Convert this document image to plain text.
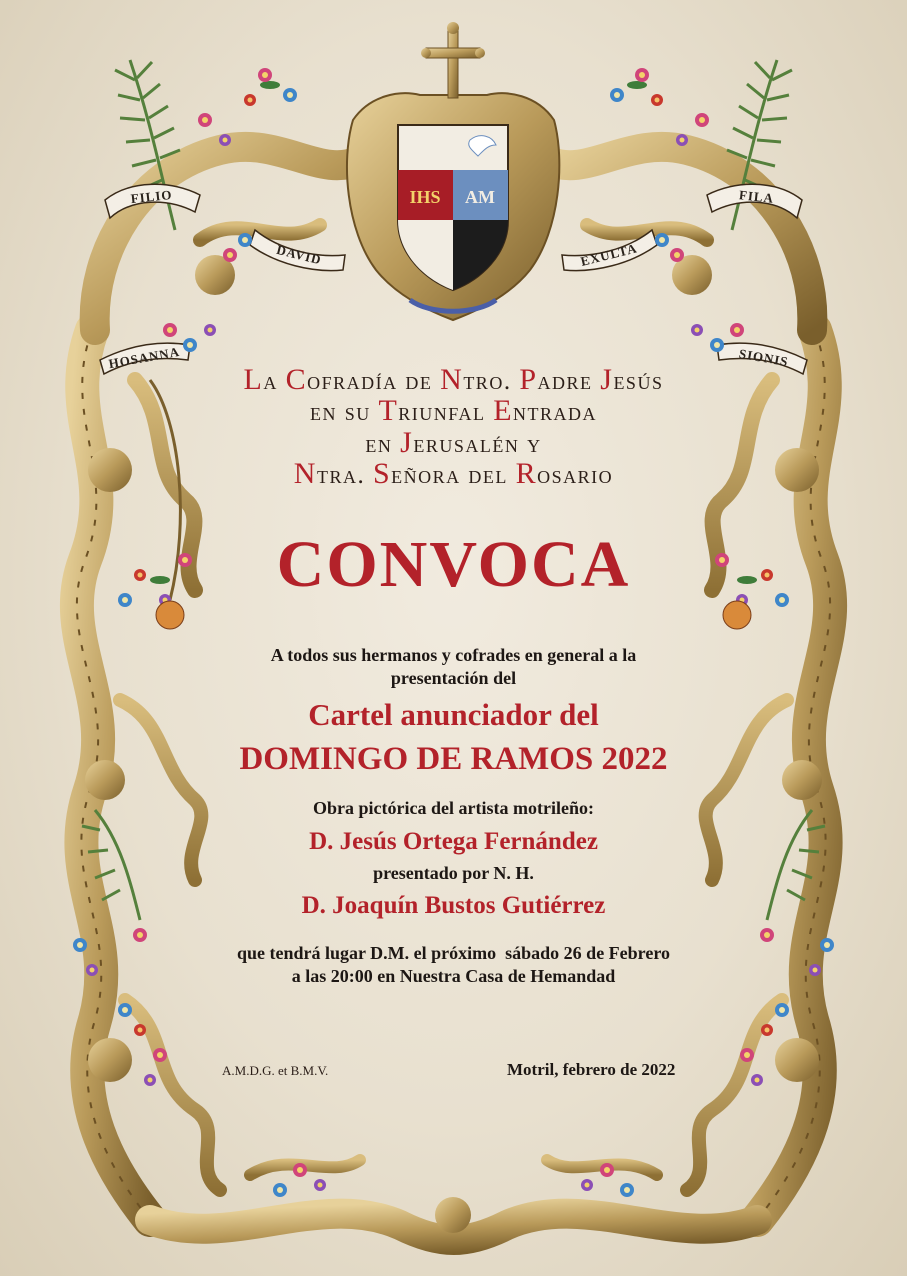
IHS AM
FILIO
DAVID	EXULTA
FILA
HOSANNA	SIONIS
La Cofradía de Ntro. Padre Jesús
en su Triunfal Entrada
en Jerusalén y
Ntra. Señora del Rosario
CONVOCA
A todos sus hermanos y cofrades en general a la
presentación del
Cartel anunciador del
DOMINGO DE RAMOS 2022
Obra pictórica del artista motrileño:
D. Jesús Ortega Fernández
presentado por N. H.
D. Joaquín Bustos Gutiérrez
que tendrá lugar D.M. el próximo  sábado 26 de Febrero
a las 20:00 en Nuestra Casa de Hemandad
A.M.D.G. et B.M.V.	Motril, febrero de 2022
